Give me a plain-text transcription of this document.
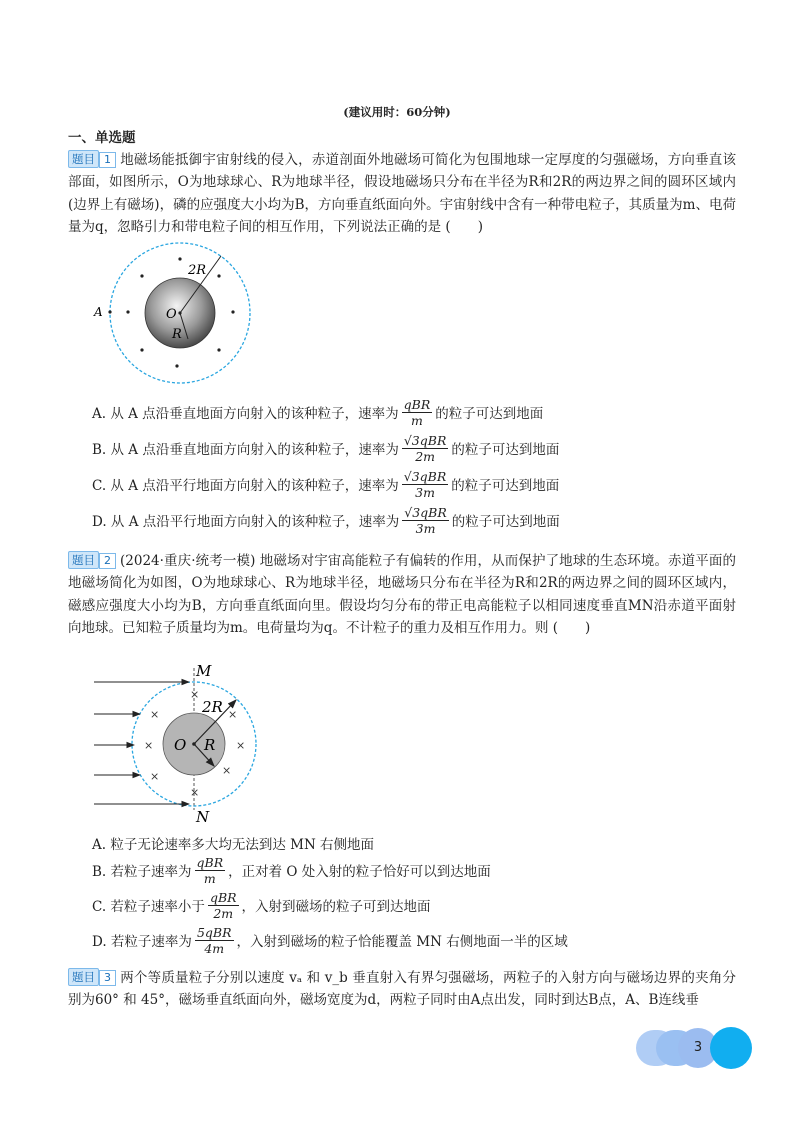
(建议用时：60分钟)
一、单选题
题目 1 地磁场能抵御宇宙射线的侵入，赤道剖面外地磁场可简化为包围地球一定厚度的匀强磁场，方向垂直该部面，如图所示，O为地球球心、R为地球半径，假设地磁场只分布在半径为R和2R的两边界之间的圆环区域内 (边界上有磁场)，磷的应强度大小均为B，方向垂直纸面向外。宇宙射线中含有一种带电粒子，其质量为m、电荷量为q，忽略引力和带电粒子间的相互作用，下列说法正确的是 (　　)
2R
O
R
A
A. 从 A 点沿垂直地面方向射入的该种粒子，速率为 $\frac{\text{qBR}}{m}$ 的粒子可达到地面
B. 从 A 点沿垂直地面方向射入的该种粒子，速率为 $\frac{\text{√3qBR}}{2m}$ 的粒子可达到地面
C. 从 A 点沿平行地面方向射入的该种粒子，速率为 $\frac{\text{√3qBR}}{3m}$ 的粒子可达到地面
D. 从 A 点沿平行地面方向射入的该种粒子，速率为 $\frac{\text{√3qBR}}{3m}$ 的粒子可达到地面
题目 2 (2024·重庆·统考一模) 地磁场对宇宙高能粒子有偏转的作用，从而保护了地球的生态环境。赤道平面的地磁场简化为如图，O为地球球心、R为地球半径，地磁场只分布在半径为R和2R的两边界之间的圆环区域内，磁感应强度大小均为B，方向垂直纸面向里。假设均匀分布的带正电高能粒子以相同速度垂直MN沿赤道平面射向地球。已知粒子质量均为m。电荷量均为q。不计粒子的重力及相互作用力。则 (　　)
×
×	×
×	×
×	×
×
M
N
2R
O R
A. 粒子无论速率多大均无法到达 MN 右侧地面
B. 若粒子速率为 $\frac{\text{qBR}}{m}$ ，正对着 O 处入射的粒子恰好可以到达地面
C. 若粒子速率小于 $\frac{\text{qBR}}{2m}$ ，入射到磁场的粒子可到达地面
D. 若粒子速率为 $\frac{\text{5qBR}}{4m}$ ，入射到磁场的粒子恰能覆盖 MN 右侧地面一半的区域
题目 3 两个等质量粒子分别以速度 vₐ 和 v_b 垂直射入有界匀强磁场，两粒子的入射方向与磁场边界的夹角分别为60° 和 45°，磁场垂直纸面向外，磁场宽度为d，两粒子同时由A点出发，同时到达B点，A、B连线垂
3
